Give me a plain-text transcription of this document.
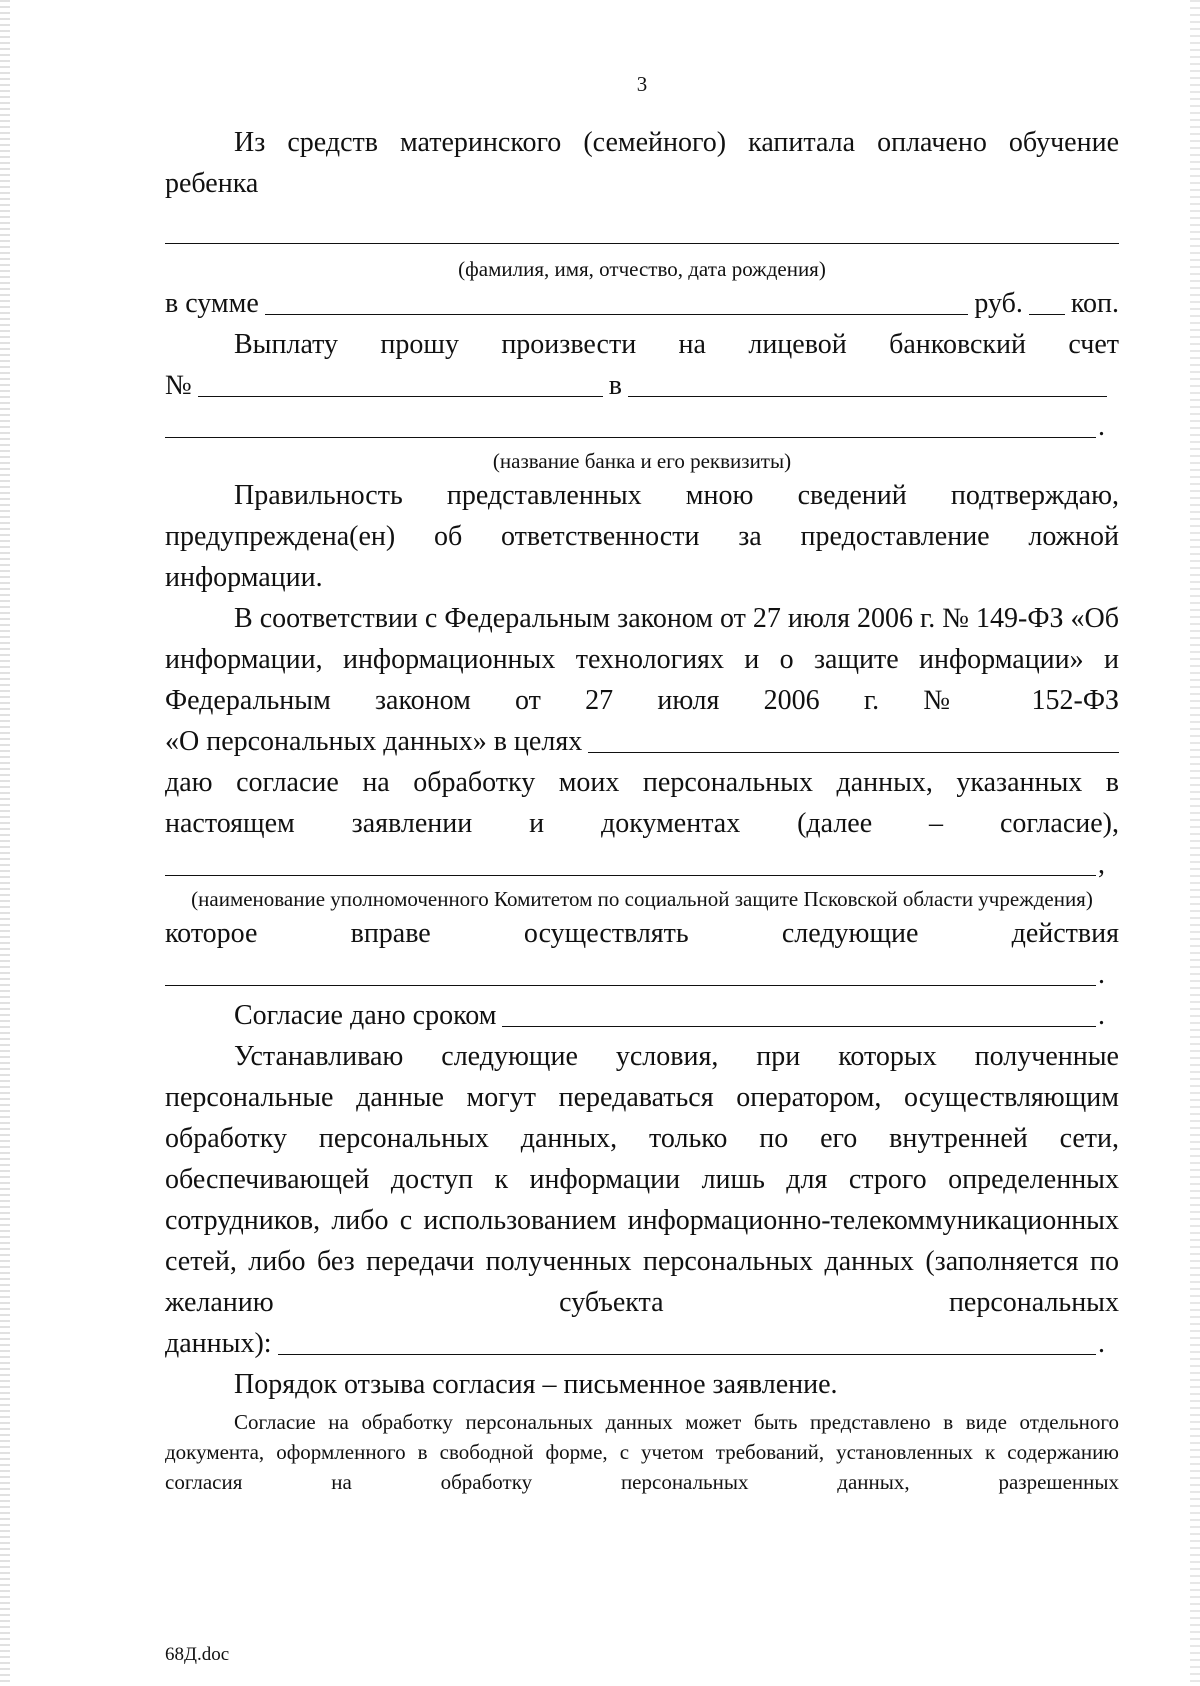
3
Из средств материнского (семейного) капитала оплачено обучение ребенка
(фамилия, имя, отчество, дата рождения)
в сумме	руб. коп.
Выплату прошу произвести на лицевой банковский счет
№	в
.
(название банка и его реквизиты)
Правильность представленных мною сведений подтверждаю, предупреждена(ен) об ответственности за предоставление ложной информации.
В соответствии с Федеральным законом от 27 июля 2006 г. № 149-ФЗ «Об информации, информационных технологиях и о защите информации» и Федеральным законом от 27 июля 2006 г. № 152-ФЗ
«О персональных данных» в целях
даю согласие на обработку моих персональных данных, указанных в настоящем заявлении и документах (далее – согласие),
,
(наименование уполномоченного Комитетом по социальной защите Псковской области учреждения)
которое вправе осуществлять следующие действия
.
Согласие дано сроком	.
Устанавливаю следующие условия, при которых полученные персональные данные могут передаваться оператором, осуществляющим обработку персональных данных, только по его внутренней сети, обеспечивающей доступ к информации лишь для строго определенных сотрудников, либо с использованием информационно-телекоммуникационных сетей, либо без передачи полученных персональных данных (заполняется по желанию субъекта персональных
данных):	.
Порядок отзыва согласия – письменное заявление.
Согласие на обработку персональных данных может быть представлено в виде отдельного документа, оформленного в свободной форме, с учетом требований, установленных к содержанию согласия на обработку персональных данных, разрешенных
68Д.doc
